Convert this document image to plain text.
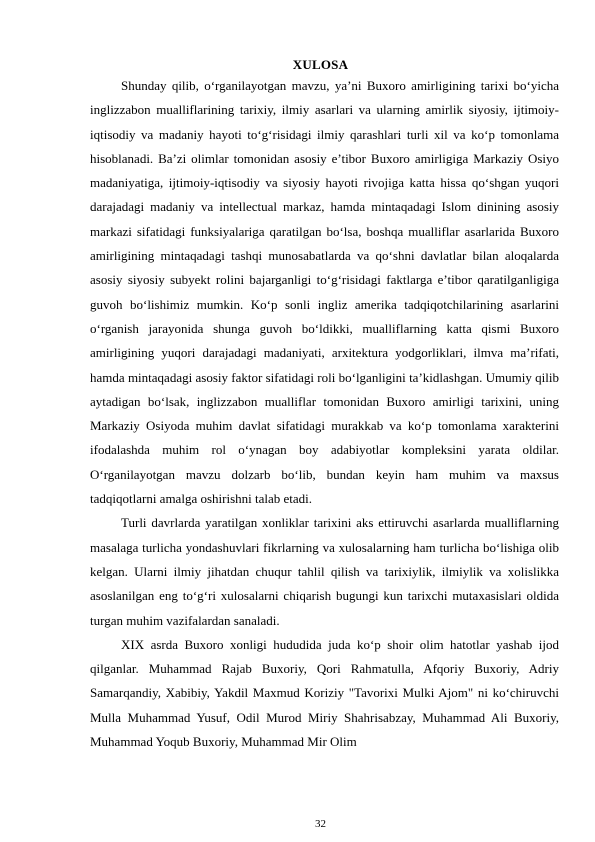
XULOSA

Shunday qilib, o‘rganilayotgan mavzu, ya’ni Buxoro amirligining tarixi bo‘yicha inglizzabon mualliflarining tarixiy, ilmiy asarlari va ularning amirlik siyosiy, ijtimoiy-iqtisodiy va madaniy hayoti to‘g‘risidagi ilmiy qarashlari turli xil va ko‘p tomonlama hisoblanadi. Ba’zi olimlar tomonidan asosiy e’tibor Buxoro amirligiga Markaziy Osiyo madaniyatiga, ijtimoiy-iqtisodiy va siyosiy hayoti rivojiga katta hissa qo‘shgan yuqori darajadagi madaniy va intellectual markaz, hamda mintaqadagi Islom dinining asosiy markazi sifatidagi funksiyalariga qaratilgan bo‘lsa, boshqa mualliflar asarlarida Buxoro amirligining mintaqadagi tashqi munosabatlarda va qo‘shni davlatlar bilan aloqalarda asosiy siyosiy subyekt rolini bajarganligi to‘g‘risidagi faktlarga e’tibor qaratilganligiga guvoh bo‘lishimiz mumkin. Ko‘p sonli ingliz amerika tadqiqotchilarining asarlarini o‘rganish jarayonida shunga guvoh bo‘ldikki, mualliflarning katta qismi Buxoro amirligining yuqori darajadagi madaniyati, arxitektura yodgorliklari, ilmva ma’rifati, hamda mintaqadagi asosiy faktor sifatidagi roli bo‘lganligini ta’kidlashgan. Umumiy qilib aytadigan bo‘lsak, inglizzabon mualliflar tomonidan Buxoro amirligi tarixini, uning Markaziy Osiyoda muhim davlat sifatidagi murakkab va ko‘p tomonlama xarakterini ifodalashda muhim rol o‘ynagan boy adabiyotlar kompleksini yarata oldilar. O‘rganilayotgan mavzu dolzarb bo‘lib, bundan keyin ham muhim va maxsus tadqiqotlarni amalga oshirishni talab etadi.

Turli davrlarda yaratilgan xonliklar tarixini aks ettiruvchi asarlarda mualliflarning masalaga turlicha yondashuvlari fikrlarning va xulosalarning ham turlicha bo‘lishiga olib kelgan. Ularni ilmiy jihatdan chuqur tahlil qilish va tarixiylik, ilmiylik va xolislikka asoslanilgan eng to‘g‘ri xulosalarni chiqarish bugungi kun tarixchi mutaxasislari oldida turgan muhim vazifalardan sanaladi.

XIX asrda Buxoro xonligi hududida juda ko‘p shoir olim hatotlar yashab ijod qilganlar. Muhammad Rajab Buxoriy, Qori Rahmatulla, Afqoriy Buxoriy, Adriy Samarqandiy, Xabibiy, Yakdil Maxmud Koriziy "Tavorixi Mulki Ajom" ni ko‘chiruvchi Mulla Muhammad Yusuf, Odil Murod Miriy Shahrisabzay, Muhammad Ali Buxoriy, Muhammad Yoqub Buxoriy, Muhammad Mir Olim

32
